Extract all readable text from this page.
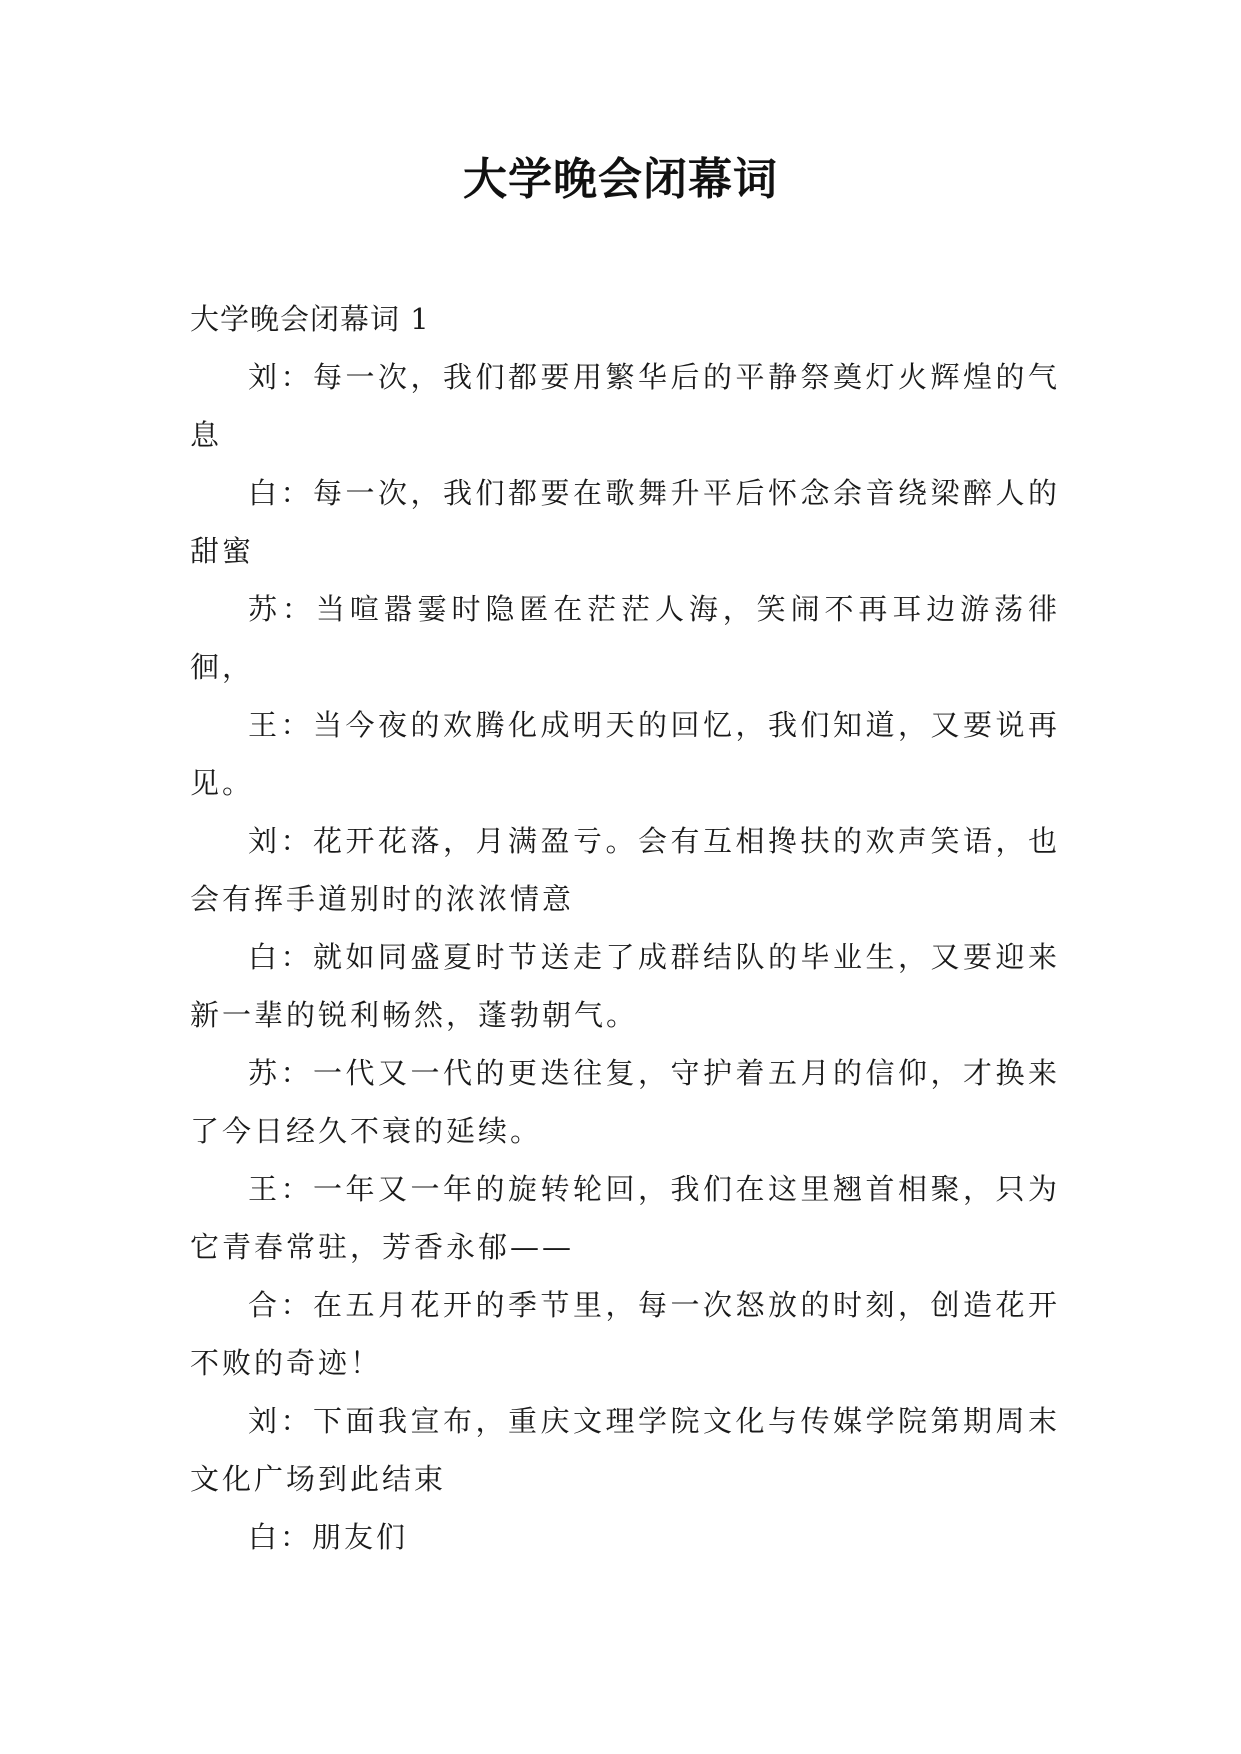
大学晚会闭幕词

大学晚会闭幕词 1

刘：每一次，我们都要用繁华后的平静祭奠灯火辉煌的气息

白：每一次，我们都要在歌舞升平后怀念余音绕梁醉人的甜蜜

苏：当喧嚣霎时隐匿在茫茫人海，笑闹不再耳边游荡徘徊，

王：当今夜的欢腾化成明天的回忆，我们知道，又要说再见。

刘：花开花落，月满盈亏。会有互相搀扶的欢声笑语，也会有挥手道别时的浓浓情意

白：就如同盛夏时节送走了成群结队的毕业生，又要迎来新一辈的锐利畅然，蓬勃朝气。

苏：一代又一代的更迭往复，守护着五月的信仰，才换来了今日经久不衰的延续。

王：一年又一年的旋转轮回，我们在这里翘首相聚，只为它青春常驻，芳香永郁——

合：在五月花开的季节里，每一次怒放的时刻，创造花开不败的奇迹！

刘：下面我宣布，重庆文理学院文化与传媒学院第期周末文化广场到此结束

白：朋友们
